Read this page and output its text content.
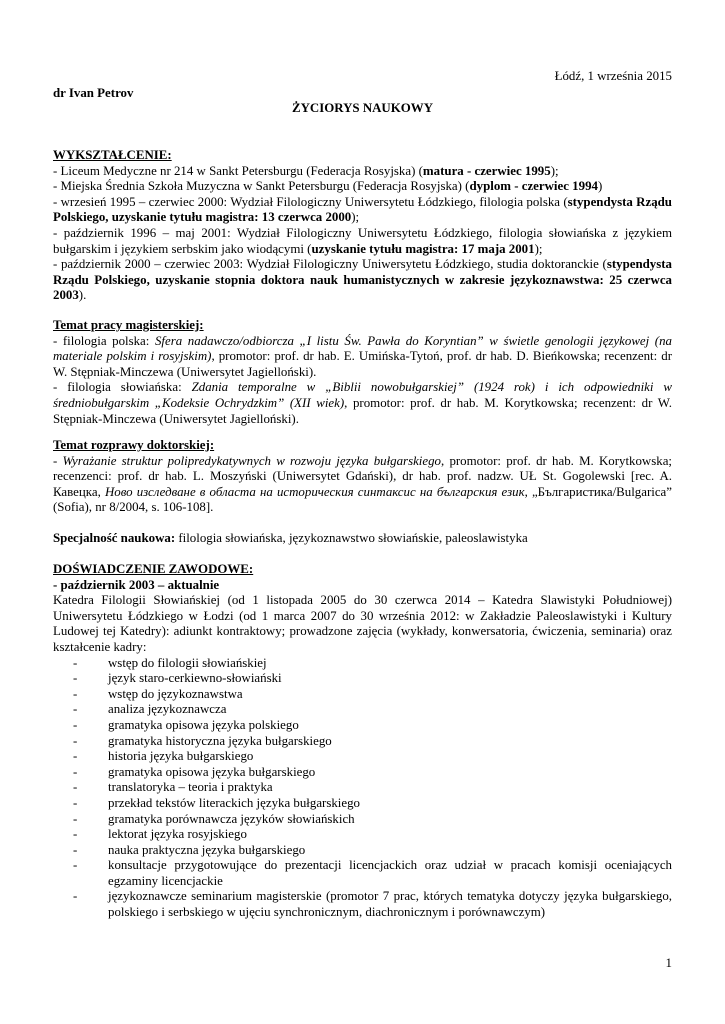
Łódź, 1 września 2015
dr Ivan Petrov
ŻYCIORYS NAUKOWY

WYKSZTAŁCENIE:

- Liceum Medyczne nr 214 w Sankt Petersburgu (Federacja Rosyjska) (matura - czerwiec 1995);

- Miejska Średnia Szkoła Muzyczna w Sankt Petersburgu (Federacja Rosyjska) (dyplom - czerwiec 1994)

- wrzesień 1995 – czerwiec 2000: Wydział Filologiczny Uniwersytetu Łódzkiego, filologia polska (stypendysta Rządu Polskiego, uzyskanie tytułu magistra: 13 czerwca 2000);

- październik 1996 – maj 2001: Wydział Filologiczny Uniwersytetu Łódzkiego, filologia słowiańska z językiem bułgarskim i językiem serbskim jako wiodącymi (uzyskanie tytułu magistra: 17 maja 2001);

- październik 2000 – czerwiec 2003: Wydział Filologiczny Uniwersytetu Łódzkiego, studia doktoranckie (stypendysta Rządu Polskiego, uzyskanie stopnia doktora nauk humanistycznych w zakresie językoznawstwa: 25 czerwca 2003).

Temat pracy magisterskiej:

- filologia polska: Sfera nadawczo/odbiorcza „I listu Św. Pawła do Koryntian” w świetle genologii językowej (na materiale polskim i rosyjskim), promotor: prof. dr hab. E. Umińska-Tytoń, prof. dr hab. D. Bieńkowska; recenzent: dr W. Stępniak-Minczewa (Uniwersytet Jagielloński).

- filologia słowiańska: Zdania temporalne w „Biblii nowobułgarskiej” (1924 rok) i ich odpowiedniki w średniobułgarskim „Kodeksie Ochrydzkim” (XII wiek), promotor: prof. dr hab. M. Korytkowska; recenzent: dr W. Stępniak-Minczewa (Uniwersytet Jagielloński).

Temat rozprawy doktorskiej:

- Wyrażanie struktur polipredykatywnych w rozwoju języka bułgarskiego, promotor: prof. dr hab. M. Korytkowska; recenzenci: prof. dr hab. L. Moszyński (Uniwersytet Gdański), dr hab. prof. nadzw. UŁ St. Gogolewski [rec. A. Кавецка, Ново изследване в областа на историческия синтаксис на българския език, „Българистика/Bulgarica” (Sofia), nr 8/2004, s. 106-108].

Specjalność naukowa: filologia słowiańska, językoznawstwo słowiańskie, paleoslawistyka

DOŚWIADCZENIE ZAWODOWE:

- październik 2003 – aktualnie

Katedra Filologii Słowiańskiej (od 1 listopada 2005 do 30 czerwca 2014 – Katedra Slawistyki Południowej) Uniwersytetu Łódzkiego w Łodzi (od 1 marca 2007 do 30 września 2012: w Zakładzie Paleoslawistyki i Kultury Ludowej tej Katedry): adiunkt kontraktowy; prowadzone zajęcia (wykłady, konwersatoria, ćwiczenia, seminaria) oraz kształcenie kadry:

- wstęp do filologii słowiańskiej
- język staro-cerkiewno-słowiański
- wstęp do językoznawstwa
- analiza językoznawcza
- gramatyka opisowa języka polskiego
- gramatyka historyczna języka bułgarskiego
- historia języka bułgarskiego
- gramatyka opisowa języka bułgarskiego
- translatoryka – teoria i praktyka
- przekład tekstów literackich języka bułgarskiego
- gramatyka porównawcza języków słowiańskich
- lektorat języka rosyjskiego
- nauka praktyczna języka bułgarskiego
- konsultacje przygotowujące do prezentacji licencjackich oraz udział w pracach komisji oceniających egzaminy licencjackie
- językoznawcze seminarium magisterskie (promotor 7 prac, których tematyka dotyczy języka bułgarskiego, polskiego i serbskiego w ujęciu synchronicznym, diachronicznym i porównawczym)
1
